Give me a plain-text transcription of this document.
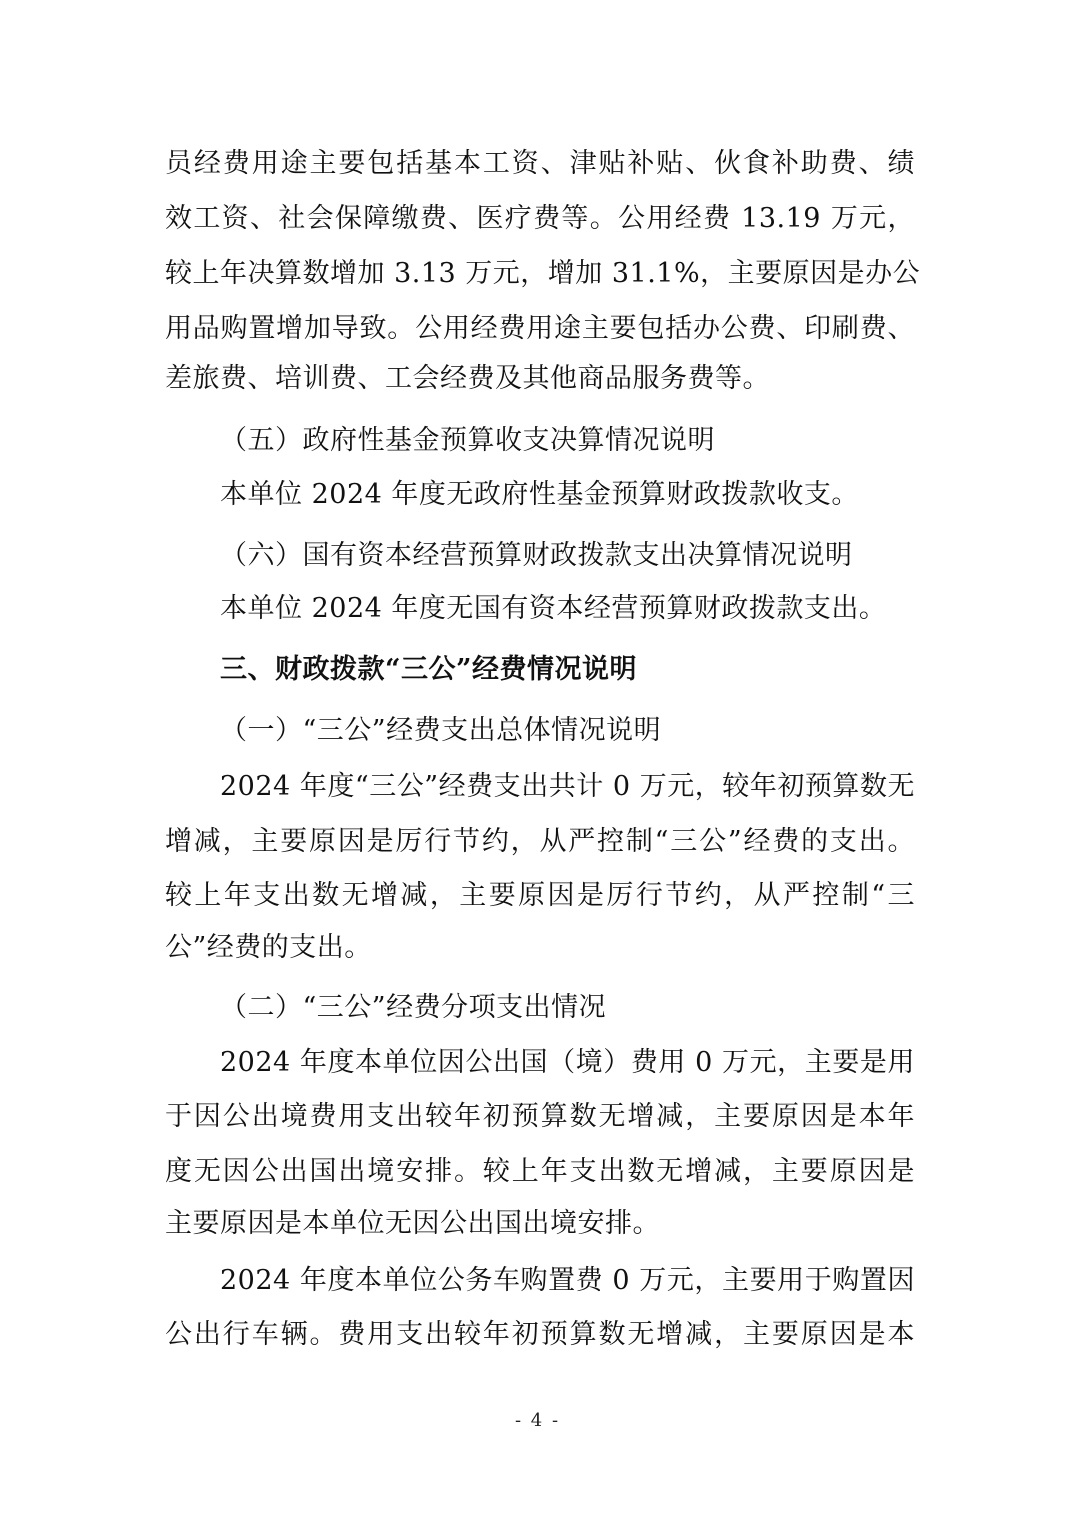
员经费用途主要包括基本工资、津贴补贴、伙食补助费、绩
效工资、社会保障缴费、医疗费等。公用经费 13.19 万元，
较上年决算数增加 3.13 万元，增加 31.1%，主要原因是办公
用品购置增加导致。公用经费用途主要包括办公费、印刷费、
差旅费、培训费、工会经费及其他商品服务费等。
（五）政府性基金预算收支决算情况说明
本单位 2024 年度无政府性基金预算财政拨款收支。
（六）国有资本经营预算财政拨款支出决算情况说明
本单位 2024 年度无国有资本经营预算财政拨款支出。
三、财政拨款“三公”经费情况说明
（一）“三公”经费支出总体情况说明
2024 年度“三公”经费支出共计 0 万元，较年初预算数无
增减，主要原因是厉行节约，从严控制“三公”经费的支出。
较上年支出数无增减，主要原因是厉行节约，从严控制“三
公”经费的支出。
（二）“三公”经费分项支出情况
2024 年度本单位因公出国（境）费用 0 万元，主要是用
于因公出境费用支出较年初预算数无增减，主要原因是本年
度无因公出国出境安排。较上年支出数无增减，主要原因是
主要原因是本单位无因公出国出境安排。
2024 年度本单位公务车购置费 0 万元，主要用于购置因
公出行车辆。费用支出较年初预算数无增减，主要原因是本
- 4 -
